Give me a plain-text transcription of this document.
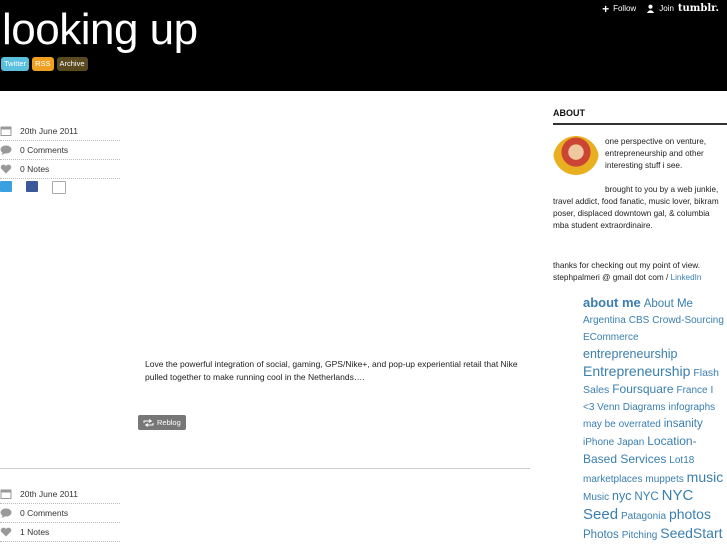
looking up
Twitter	RSS	Archive
+ Follow	Join tumblr.
20th June 2011
0 Comments
0 Notes
Love the powerful integration of social, gaming, GPS/Nike+, and pop-up experiential retail that Nike pulled together to make running cool in the Netherlands….
Reblog
20th June 2011
0 Comments
1 Notes
ABOUT
one perspective on venture, entrepreneurship and other interesting stuff i see.
brought to you by a web junkie, travel addict, food fanatic, music lover, bikram poser, displaced downtown gal, & columbia mba student extraordinaire.
thanks for checking out my point of view. stephpalmeri @ gmail dot com / LinkedIn
about me About Me Argentina CBS Crowd-Sourcing ECommerce entrepreneurship Entrepreneurship Flash Sales Foursquare France I <3 Venn Diagrams infographs may be overrated insanity iPhone Japan Location-Based Services Lot18 marketplaces muppets music Music nyc NYC NYC Seed Patagonia photos Photos Pitching SeedStart
